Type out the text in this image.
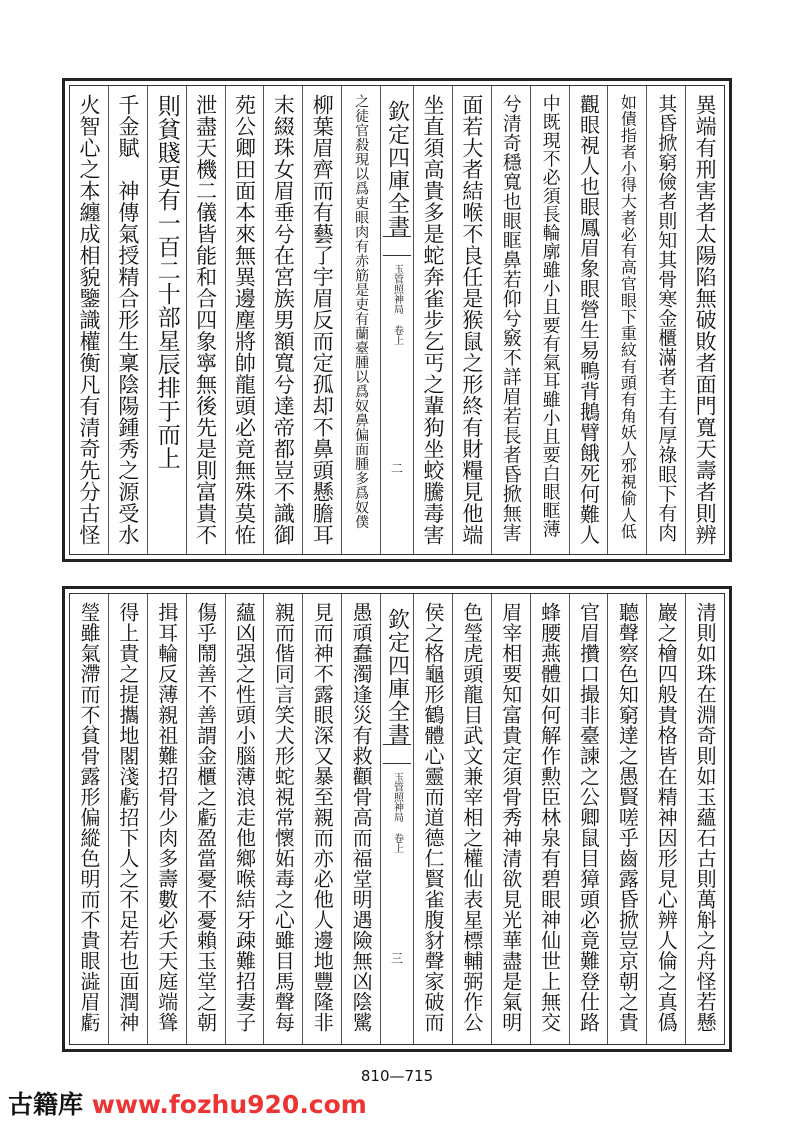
異端有刑害者太陽陷無破敗者面門寬天壽者則辨
其昏掀窮儉者則知其骨寒金櫃滿者主有厚祿眼下有肉
如債指者小得大者必有高官眼下重紋有頭有角妖人邪視偷人低
觀眼視人也眼鳳眉象眼營生易鴨背鵝臂餓死何難人
中既現不必須長輪廓雖小且要有氣耳雖小且要白眼眶薄
兮清奇穩寬也眼眶鼻若仰兮竅不詳眉若長者昏掀無害
面若大者結喉不良任是猴鼠之形終有財糧見他端
坐直須高貴多是蛇奔雀步乞丐之輩狗坐蛟騰毒害
欽定四庫全書
玉管照神局 卷上
二
之徒官殺現以爲吏眼肉有赤筋是吏有蘭臺腫以爲奴鼻偏面腫多爲奴僕
柳葉眉齊而有藝了宇眉反而定孤却不鼻頭懸膽耳
末綴珠女眉垂兮在宮族男額寬兮達帝都豈不識御
苑公卿田面本來無異邊塵將帥龍頭必竟無殊莫恠
泄盡天機二儀皆能和合四象寧無後先是則富貴不
則貧賤更有一百二十部星辰排于而上
千金賦　神傳氣授精合形生稟陰陽鍾秀之源受水
火智心之本纏成相貌鑒識權衡凡有清奇先分古怪
清則如珠在淵奇則如玉蘊石古則萬斛之舟怪若懸
巖之檜四般貴格皆在精神因形見心辨人倫之真僞
聽聲察色知窮達之愚賢嗟乎齒露昏掀豈京朝之貴
官眉攢口撮非臺諫之公卿鼠目獐頭必竟難登仕路
蜂腰燕體如何解作勲臣林泉有碧眼神仙世上無交
眉宰相要知富貴定須骨秀神清欲見光華盡是氣明
色瑩虎頭龍目武文兼宰相之權仙表星標輔弼作公
侯之格龜形鶴體心靈而道德仁賢雀腹豺聲家破而
欽定四庫全書
玉管照神局 卷上
三
愚頑蠢濁逢災有救顴骨高而福堂明遇險無凶陰騭
見而神不露眼深又暴至親而亦必他人邊地豐隆非
親而偕同言笑犬形蛇視常懷妬毒之心雖目馬聲每
蘊凶强之性頭小腦薄浪走他鄉喉結牙疎難招妻子
傷乎鬧善不善謂金櫃之虧盈當憂不憂賴玉堂之朝
揖耳輪反薄親祖難招骨少肉多壽數必夭天庭端聳
得上貴之提攜地閣淺虧招下人之不足若也面潤神
瑩雖氣滯而不貧骨露形偏縱色明而不貴眼澁眉虧
810—715
古籍库 www.fozhu920.com
